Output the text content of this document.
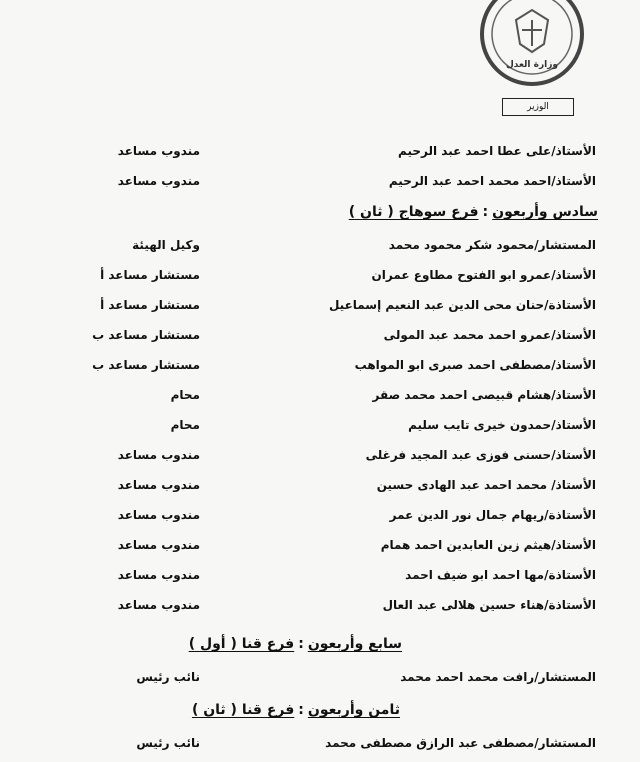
وزارة العدل
الوزير
الأستاذ/على عطا احمد عبد الرحيم
مندوب مساعد
الأستاذ/احمد محمد احمد عبد الرحيم
مندوب مساعد
سادس وأربعون:فرع سوهاج ( ثان )
المستشار/محمود شكر محمود محمد
وكيل الهيئة
الأستاذ/عمرو ابو الفتوح مطاوع عمران
مستشار مساعد أ
الأستاذة/حنان محى الدين عبد النعيم إسماعيل
مستشار مساعد أ
الأستاذ/عمرو احمد محمد عبد المولى
مستشار مساعد ب
الأستاذ/مصطفى احمد صبرى ابو المواهب
مستشار مساعد ب
الأستاذ/هشام قبيصى احمد محمد صقر
محام
الأستاذ/حمدون خيرى تايب سليم
محام
الأستاذ/حسنى فوزى عبد المجيد فرغلى
مندوب مساعد
الأستاذ/ محمد احمد عبد الهادى حسين
مندوب مساعد
الأستاذة/ريهام جمال نور الدين عمر
مندوب مساعد
الأستاذ/هيثم زين العابدين احمد همام
مندوب مساعد
الأستاذة/مها احمد ابو ضيف احمد
مندوب مساعد
الأستاذة/هناء حسين هلالى عبد العال
مندوب مساعد
سابع وأربعون:فرع قنا ( أول )
المستشار/رافت محمد احمد محمد
نائب رئيس
ثامن وأربعون:فرع قنا ( ثان )
المستشار/مصطفى عبد الرازق مصطفى محمد
نائب رئيس
